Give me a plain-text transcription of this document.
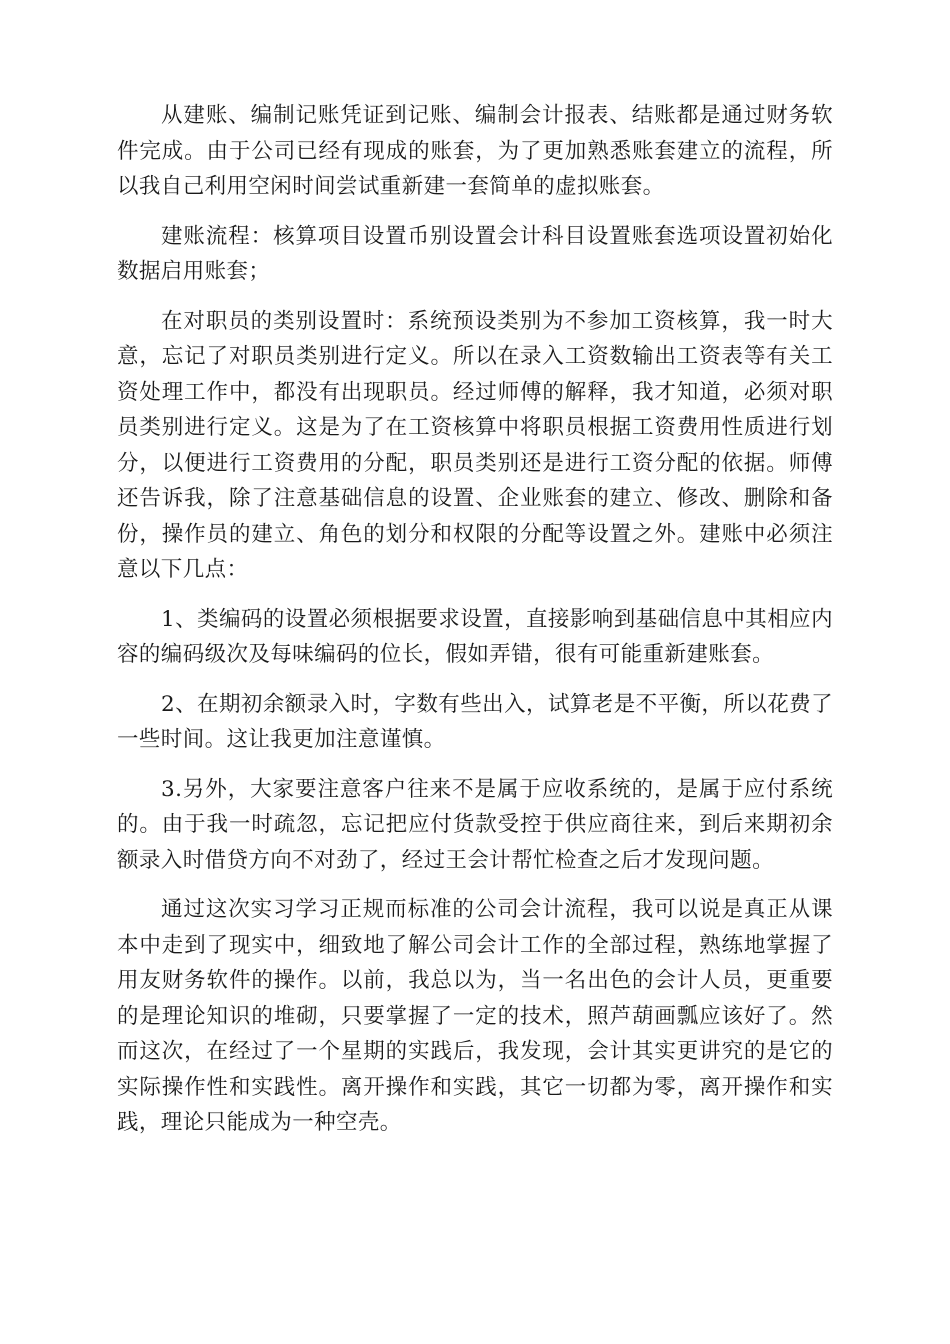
从建账、编制记账凭证到记账、编制会计报表、结账都是通过财务软件完成。由于公司已经有现成的账套，为了更加熟悉账套建立的流程，所以我自己利用空闲时间尝试重新建一套简单的虚拟账套。

建账流程：核算项目设置币别设置会计科目设置账套选项设置初始化数据启用账套；

在对职员的类别设置时：系统预设类别为不参加工资核算，我一时大意，忘记了对职员类别进行定义。所以在录入工资数输出工资表等有关工资处理工作中，都没有出现职员。经过师傅的解释，我才知道，必须对职员类别进行定义。这是为了在工资核算中将职员根据工资费用性质进行划分，以便进行工资费用的分配，职员类别还是进行工资分配的依据。师傅还告诉我，除了注意基础信息的设置、企业账套的建立、修改、删除和备份，操作员的建立、角色的划分和权限的分配等设置之外。建账中必须注意以下几点：

1、类编码的设置必须根据要求设置，直接影响到基础信息中其相应内容的编码级次及每味编码的位长，假如弄错，很有可能重新建账套。

2、在期初余额录入时，字数有些出入，试算老是不平衡，所以花费了一些时间。这让我更加注意谨慎。

3.另外，大家要注意客户往来不是属于应收系统的，是属于应付系统的。由于我一时疏忽，忘记把应付货款受控于供应商往来，到后来期初余额录入时借贷方向不对劲了，经过王会计帮忙检查之后才发现问题。

通过这次实习学习正规而标准的公司会计流程，我可以说是真正从课本中走到了现实中，细致地了解公司会计工作的全部过程，熟练地掌握了用友财务软件的操作。以前，我总以为，当一名出色的会计人员，更重要的是理论知识的堆砌，只要掌握了一定的技术，照芦葫画瓢应该好了。然而这次，在经过了一个星期的实践后，我发现，会计其实更讲究的是它的实际操作性和实践性。离开操作和实践，其它一切都为零，离开操作和实践，理论只能成为一种空壳。
